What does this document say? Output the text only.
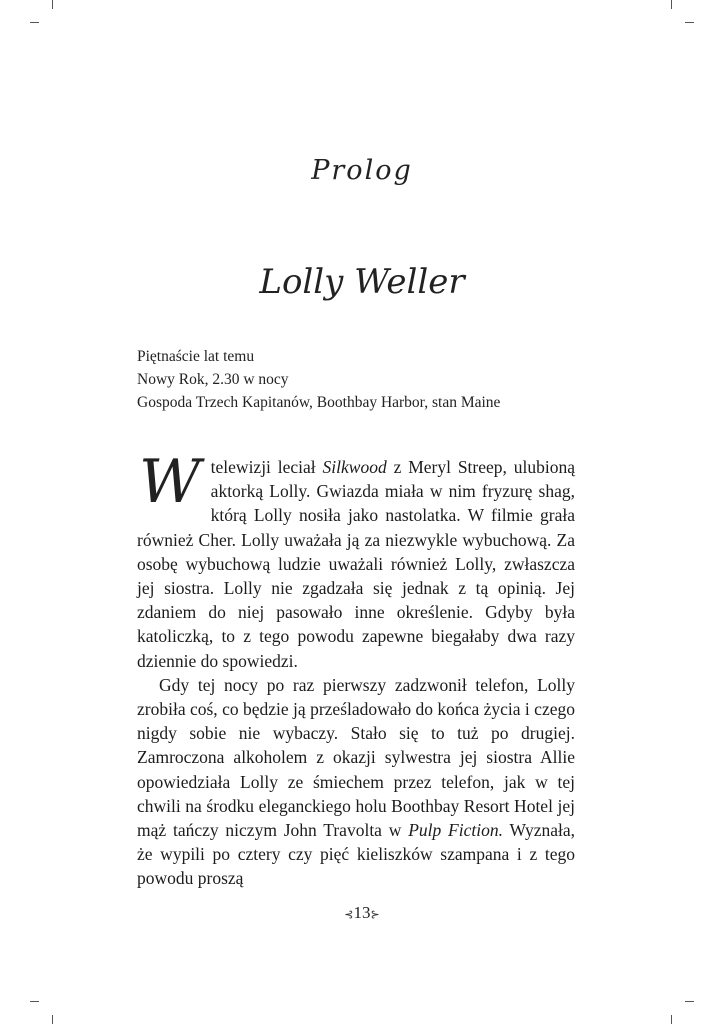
Prolog
Lolly Weller
Piętnaście lat temu
Nowy Rok, 2.30 w nocy
Gospoda Trzech Kapitanów, Boothbay Harbor, stan Maine

W telewizji leciał Silkwood z Meryl Streep, ulubioną aktorką Lolly. Gwiazda miała w nim fryzurę shag, którą Lolly nosiła jako nastolatka. W filmie grała również Cher. Lolly uważała ją za niezwykle wybuchową. Za osobę wybuchową ludzie uważali również Lolly, zwłaszcza jej siostra. Lolly nie zgadzała się jednak z tą opinią. Jej zdaniem do niej pasowało inne określenie. Gdyby była katoliczką, to z tego powodu zapewne biegałaby dwa razy dziennie do spowiedzi.

Gdy tej nocy po raz pierwszy zadzwonił telefon, Lolly zrobiła coś, co będzie ją prześladowało do końca życia i czego nigdy sobie nie wybaczy. Stało się to tuż po drugiej. Zamroczona alkoholem z okazji sylwestra jej siostra Allie opowiedziała Lolly ze śmiechem przez telefon, jak w tej chwili na środku eleganckiego holu Boothbay Resort Hotel jej mąż tańczy niczym John Travolta w Pulp Fiction. Wyznała, że wypili po cztery czy pięć kieliszków szampana i z tego powodu proszą

⊰13⊱
